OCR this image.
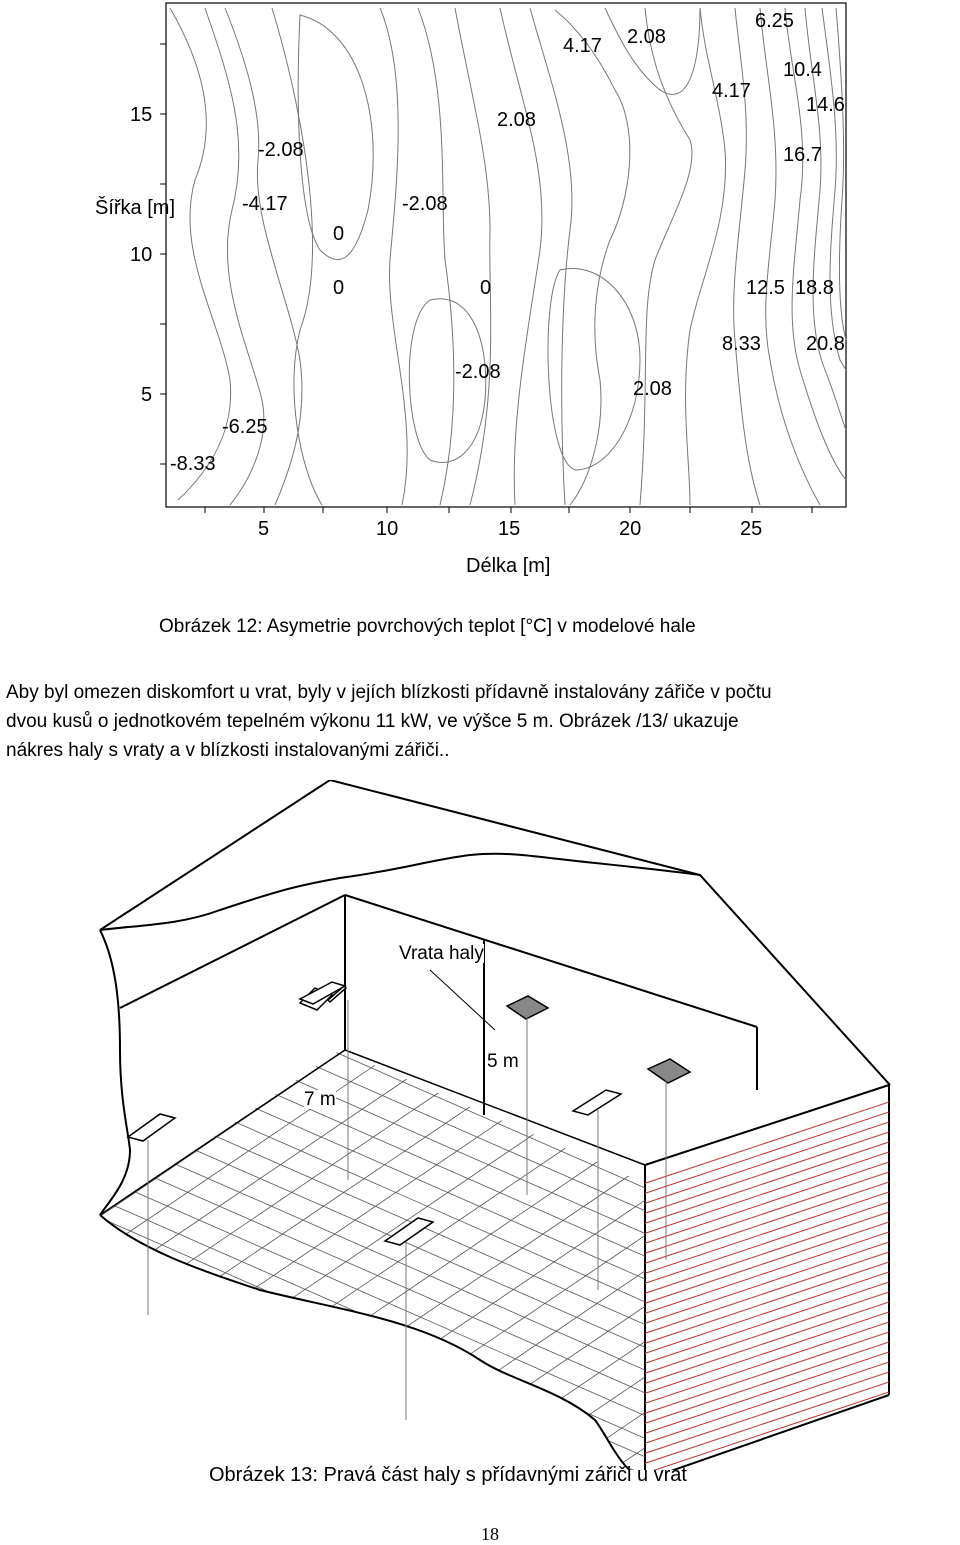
-8.33
-6.25
-4.17
-2.08
-2.08
-2.08
0
0	0
2.08
2.08
2.08
4.17
4.17
6.25
8.33
10.4
12.5
14.6
16.7
18.8
20.8
Šířka [m]
5
10
15
5	10	15	20	25
Délka [m]
Obrázek 12: Asymetrie povrchových teplot [°C] v modelové hale
Aby byl omezen diskomfort u vrat, byly v jejích blízkosti přídavně instalovány zářiče v počtu
dvou kusů o jednotkovém tepelném výkonu 11 kW, ve výšce 5 m. Obrázek /13/ ukazuje
nákres haly s vraty a v blízkosti instalovanými zářiči..
Vrata haly
5 m
7 m
Obrázek 13: Pravá část haly s přídavnými zářiči u vrat
18
